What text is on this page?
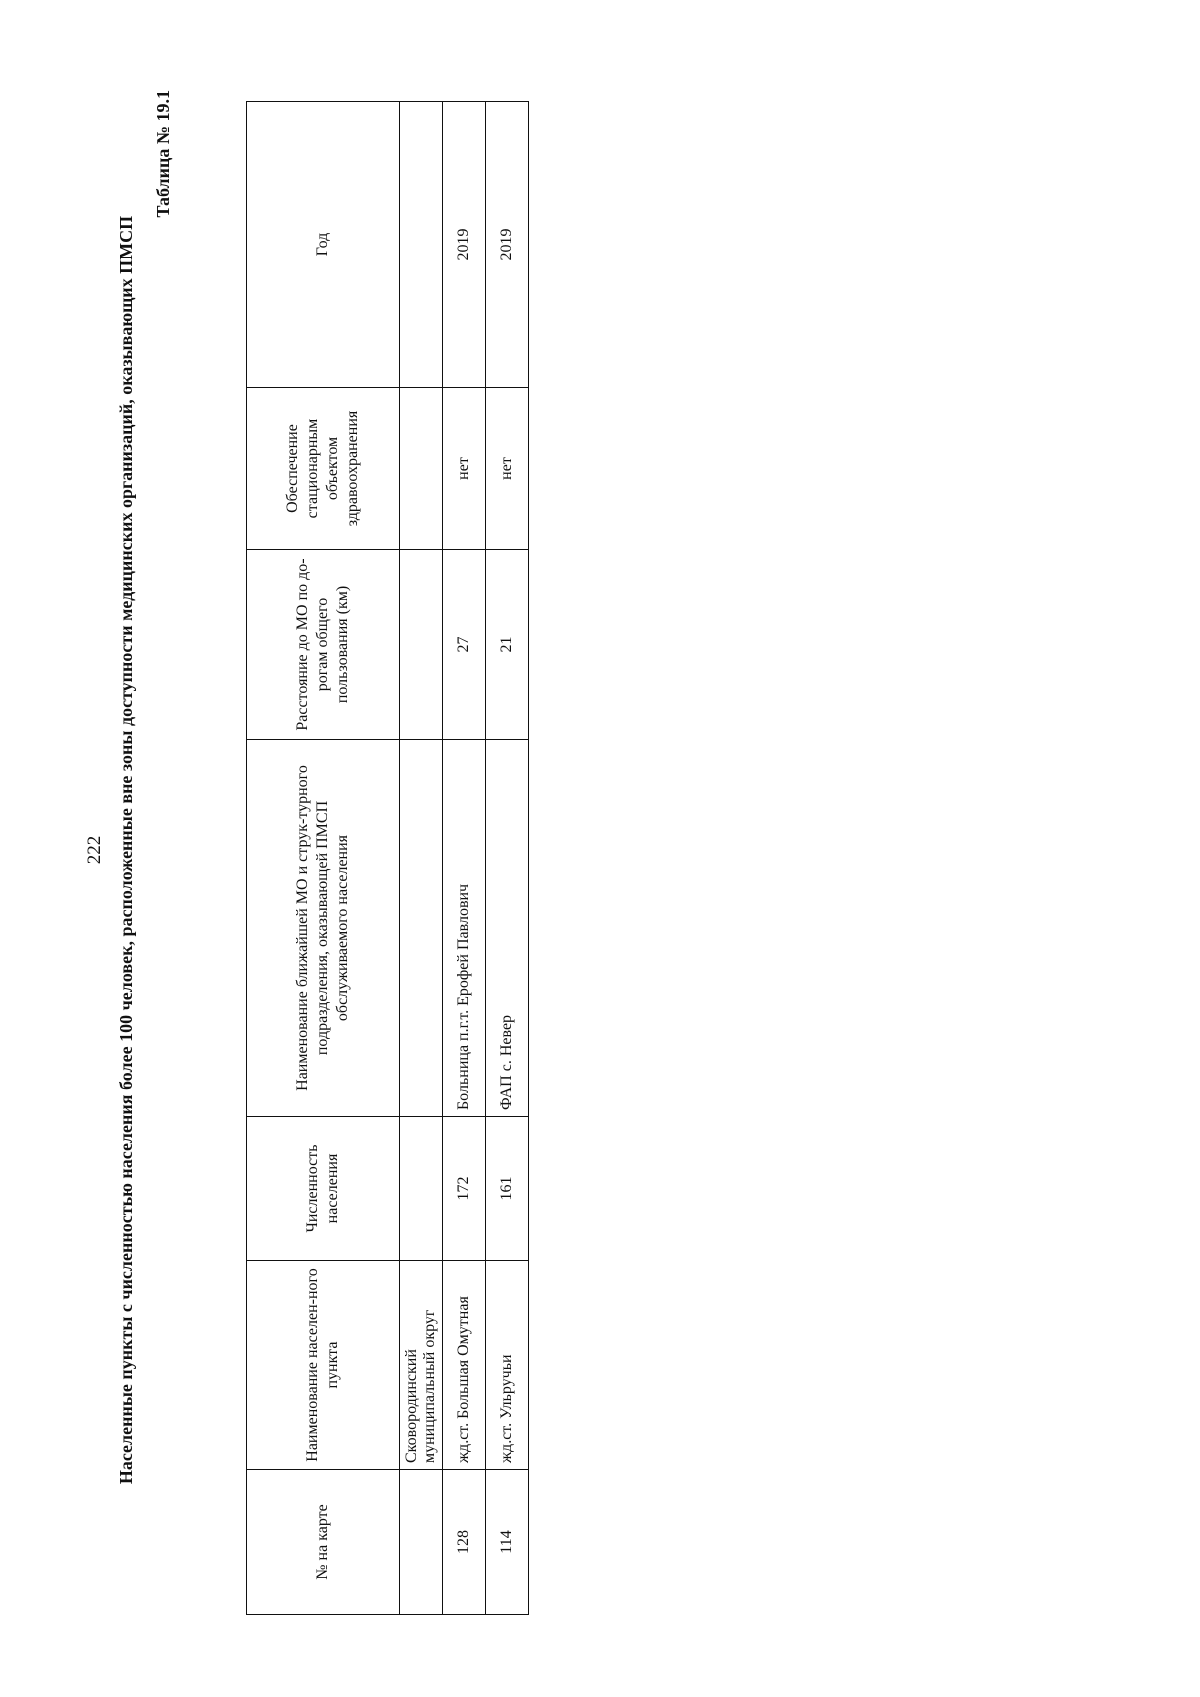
222 Населенные пункты с численностью населения более 100 человек, расположенные вне зоны доступности медицинских организаций, оказывающих ПМСП
Таблица № 19.1
№ на карте	Наименование населен-ного пункта	Численность населения	Наименование ближайшей МО и струк-турного подразделения, оказывающей ПМСП обслуживаемого населения	Расстояние до МО по до-рогам общего пользования (км)	Обеспечение стационарным объектом здравоохранения	Год
	Сковородинский муниципальный округ					
128	жд.ст. Большая Омутная	172	Больница п.г.т. Ерофей Павлович	27	нет	2019
114	жд.ст. Ульручьи	161	ФАП с. Невер	21	нет	2019
